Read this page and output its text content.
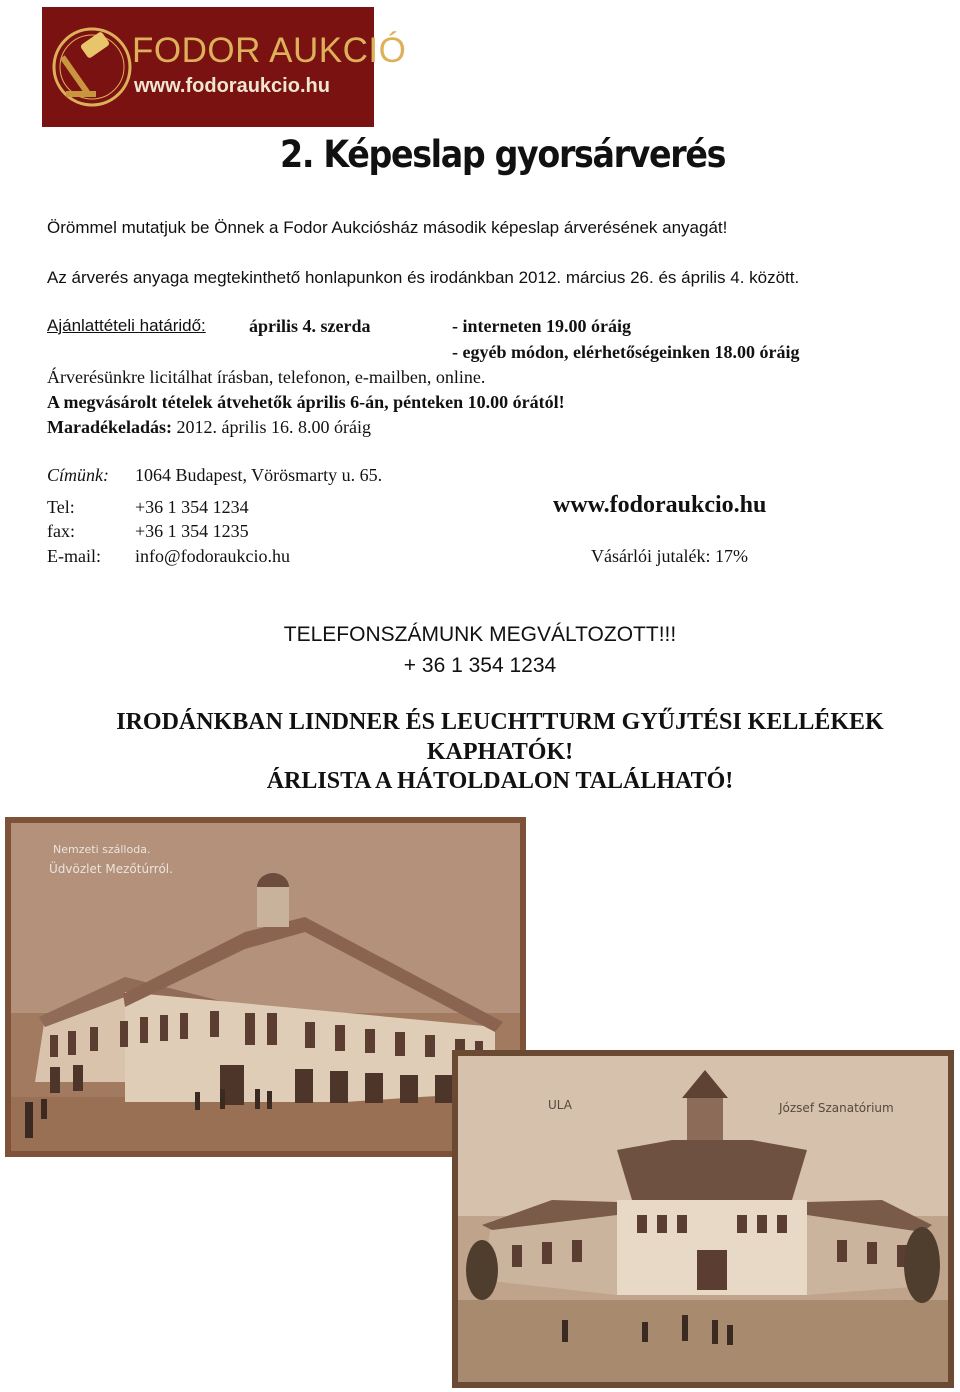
FODOR AUKCIÓ
www.fodoraukcio.hu
2. Képeslap gyorsárverés
Örömmel mutatjuk be Önnek a Fodor Aukciósház második képeslap árverésének anyagát!
Az árverés anyaga megtekinthető honlapunkon és irodánkban 2012. március 26. és április 4. között.
Ajánlattételi határidő: április 4. szerda	- interneten 19.00 óráig
- egyéb módon, elérhetőségeinken 18.00 óráig
Árverésünkre licitálhat írásban, telefonon, e-mailben, online.
A megvásárolt tételek átvehetők április 6-án, pénteken 10.00 órától!
Maradékeladás: 2012. április 16. 8.00 óráig
Címünk: 1064 Budapest, Vörösmarty u. 65.
Tel:	+36 1 354 1234	www.fodoraukcio.hu
fax:	+36 1 354 1235
E-mail: info@fodoraukcio.hu	Vásárlói jutalék: 17%
TELEFONSZÁMUNK MEGVÁLTOZOTT!!!
+ 36 1 354 1234
IRODÁNKBAN LINDNER ÉS LEUCHTTURM GYŰJTÉSI KELLÉKEK
KAPHATÓK!
ÁRLISTA A HÁTOLDALON TALÁLHATÓ!
Nemzeti szálloda.
Üdvözlet Mezőtúrról.
ULA	József Szanatórium
